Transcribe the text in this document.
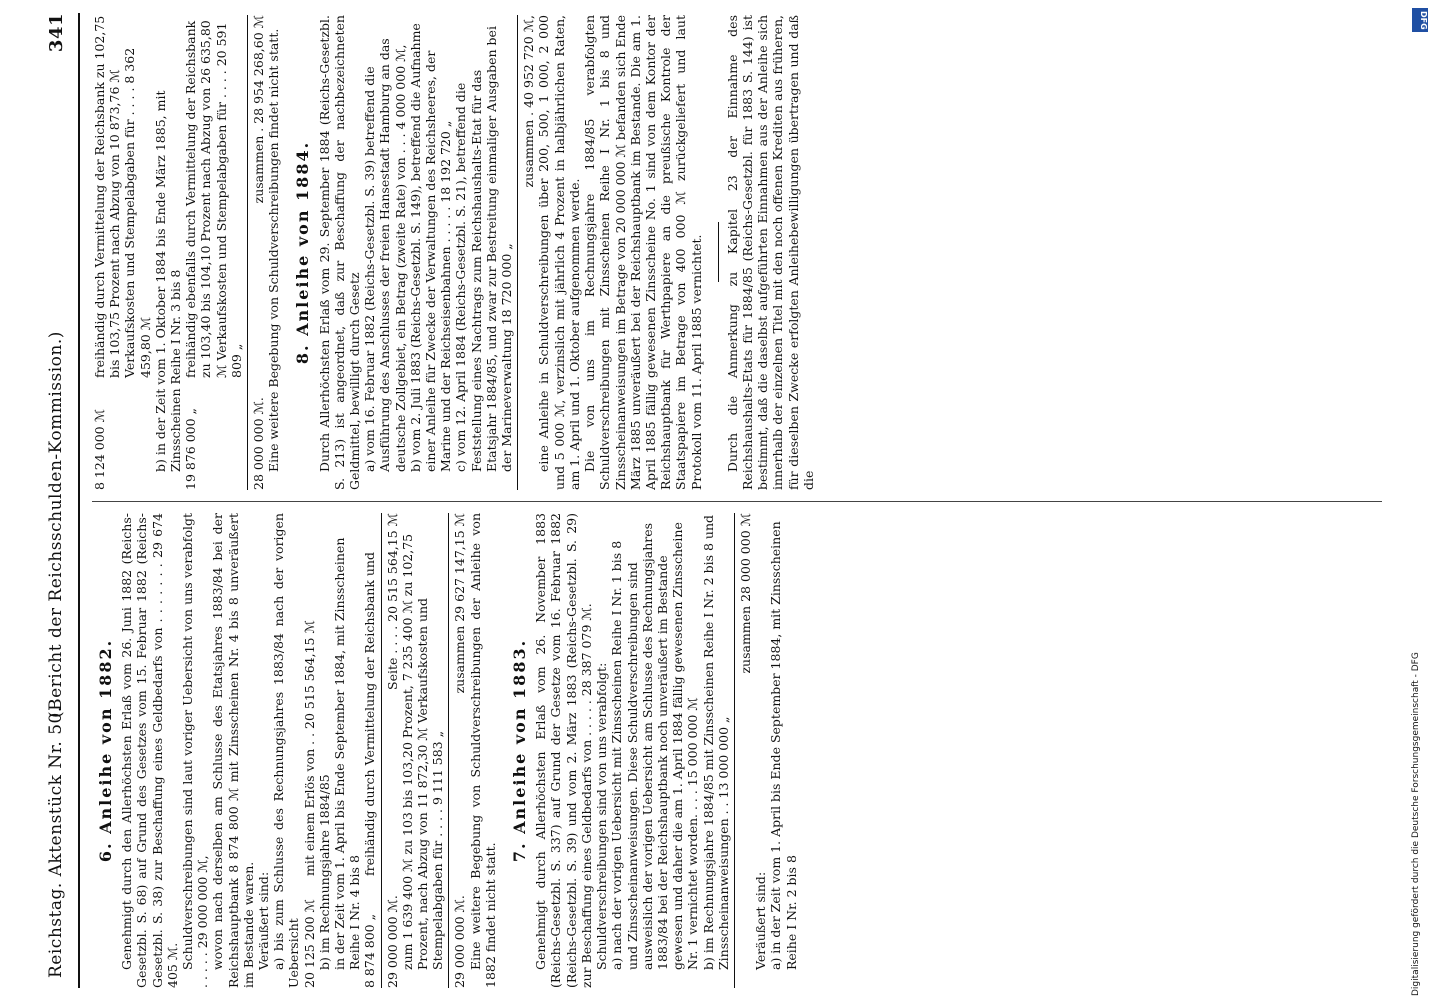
Reichstag. Aktenstück Nr. 50.
(Bericht der Reichsschulden-Kommission.)
341
6. Anleihe von 1882. Genehmigt durch den Allerhöchsten Erlaß vom 26. Juni 1882 (Reichs-Gesetzbl. S. 68) auf Grund des Gesetzes vom 15. Februar 1882 (Reichs-Gesetzbl. S. 38) zur Beschaffung eines Geldbedarfs von . . . . . . . 29 674 405 ℳ. Schuldverschreibungen sind laut voriger Uebersicht von uns verabfolgt . . . . . 29 000 000 ℳ, wovon nach derselben am Schlusse des Etatsjahres 1883/84 bei der Reichshauptbank 8 874 800 ℳ mit Zinsscheinen Nr. 4 bis 8 unveräußert im Bestande waren. Veräußert sind: a) bis zum Schlusse des Rechnungsjahres 1883/84 nach der vorigen Uebersicht 20 125 200 ℳ
mit einem Erlös von . . 20 515 564,15 ℳ b) im Rechnungsjahre 1884/85 in der Zeit vom 1. April bis Ende September 1884, mit Zinsscheinen Reihe I Nr. 4 bis 8 8 874 800 „
freihändig durch Vermittelung der Reichsbank und
29 000 000 ℳ.
Seite . . . . 20 515 564,15 ℳ zum 1 639 400 ℳ zu 103 bis 103,20 Prozent, 7 235 400 ℳ zu 102,75 Prozent, nach Abzug von 11 872,30 ℳ Verkaufskosten und Stempelabgaben für . . . . 9 111 583 „ 29 000 000 ℳ.
zusammen 29 627 147,15 ℳ Eine weitere Begebung von Schuldverschreibungen der Anleihe von 1882 findet nicht statt.

7. Anleihe von 1883. Genehmigt durch Allerhöchsten Erlaß vom 26. November 1883 (Reichs-Gesetzbl. S. 337) auf Grund der Gesetze vom 16. Februar 1882 (Reichs-Gesetzbl. S. 39) und vom 2. März 1883 (Reichs-Gesetzbl. S. 29) zur Beschaffung eines Geldbedarfs von . . . . . 28 387 079 ℳ. Schuldverschreibungen sind von uns verabfolgt: a) nach der vorigen Uebersicht mit Zinsscheinen Reihe I Nr. 1 bis 8 und Zinsscheinanweisungen. Diese Schuldverschreibungen sind ausweislich der vorigen Uebersicht am Schlusse des Rechnungsjahres 1883/84 bei der Reichshauptbank noch unveräußert im Bestande gewesen und daher die am 1. April 1884 fällig gewesenen Zinsscheine Nr. 1 vernichtet worden. . . . 15 000 000 ℳ b) im Rechnungsjahre 1884/85 mit Zinsscheinen Reihe I Nr. 2 bis 8 und Zinsscheinanweisungen . . 13 000 000 „

zusammen 28 000 000 ℳ

Veräußert sind: a) in der Zeit vom 1. April bis Ende September 1884, mit Zinsscheinen Reihe I Nr. 2 bis 8

8 124 000 ℳ
freihändig durch Vermittelung der Reichsbank zu 102,75 bis 103,75 Prozent nach Abzug von 10 873,76 ℳ Verkaufskosten und Stempelabgaben für . . . . 8 362 459,80 ℳ b) in der Zeit vom 1. Oktober 1884 bis Ende März 1885, mit Zinsscheinen Reihe I Nr. 3 bis 8 19 876 000 „
freihändig ebenfalls durch Vermittelung der Reichsbank zu 103,40 bis 104,10 Prozent nach Abzug von 26 635,80 ℳ Verkaufskosten und Stempelabgaben für . . . . 20 591 809 „
28 000 000 ℳ.
zusammen . 28 954 268,60 ℳ Eine weitere Begebung von Schuldverschreibungen findet nicht statt. 8. Anleihe von 1884. Durch Allerhöchsten Erlaß vom 29. September 1884 (Reichs-Gesetzbl. S. 213) ist angeordnet, daß zur Beschaffung der nachbezeichneten Geldmittel, bewilligt durch Gesetz a) vom 16. Februar 1882 (Reichs-Gesetzbl. S. 39) betreffend die Ausführung des Anschlusses der freien Hansestadt Hamburg an das deutsche Zollgebiet, ein Betrag (zweite Rate) von . . . 4 000 000 ℳ, b) vom 2. Juli 1883 (Reichs-Gesetzbl. S. 149), betreffend die Aufnahme einer Anleihe für Zwecke der Verwaltungen des Reichsheeres, der Marine und der Reichseisenbahnen . . . . . 18 192 720 „ c) vom 12. April 1884 (Reichs-Gesetzbl. S. 21), betreffend die Feststellung eines Nachtrags zum Reichshaushalts-Etat für das Etatsjahr 1884/85, und zwar zur Bestreitung einmaliger Ausgaben bei der Marineverwaltung 18 720 000 „

zusammen . 40 952 720 ℳ, eine Anleihe in Schuldverschreibungen über 200, 500, 1 000, 2 000 und 5 000 ℳ, verzinslich mit jährlich 4 Prozent in halbjährlichen Raten, am 1. April und 1. Oktober aufgenommen werde. Die von uns im Rechnungsjahre 1884/85 verabfolgten Schuldverschreibungen mit Zinsscheinen Reihe I Nr. 1 bis 8 und Zinsscheinanweisungen im Betrage von 20 000 000 ℳ befanden sich Ende März 1885 unveräußert bei der Reichshauptbank im Bestande. Die am 1. April 1885 fällig gewesenen Zinsscheine No. 1 sind von dem Kontor der Reichshauptbank für Werthpapiere an die preußische Kontrole der Staatspapiere im Betrage von 400 000 ℳ zurückgeliefert und laut Protokoll vom 11. April 1885 vernichtet. Durch die Anmerkung zu Kapitel 23 der Einnahme des Reichshaushalts-Etats für 1884/85 (Reichs-Gesetzbl. für 1883 S. 144) ist bestimmt, daß die daselbst aufgeführten Einnahmen aus der Anleihe sich innerhalb der einzelnen Titel mit den noch offenen Krediten aus früheren, für dieselben Zwecke erfolgten Anleihebewilligungen übertragen und daß die

Digitalisierung gefördert durch die Deutsche Forschungsgemeinschaft - DFG
DFG
